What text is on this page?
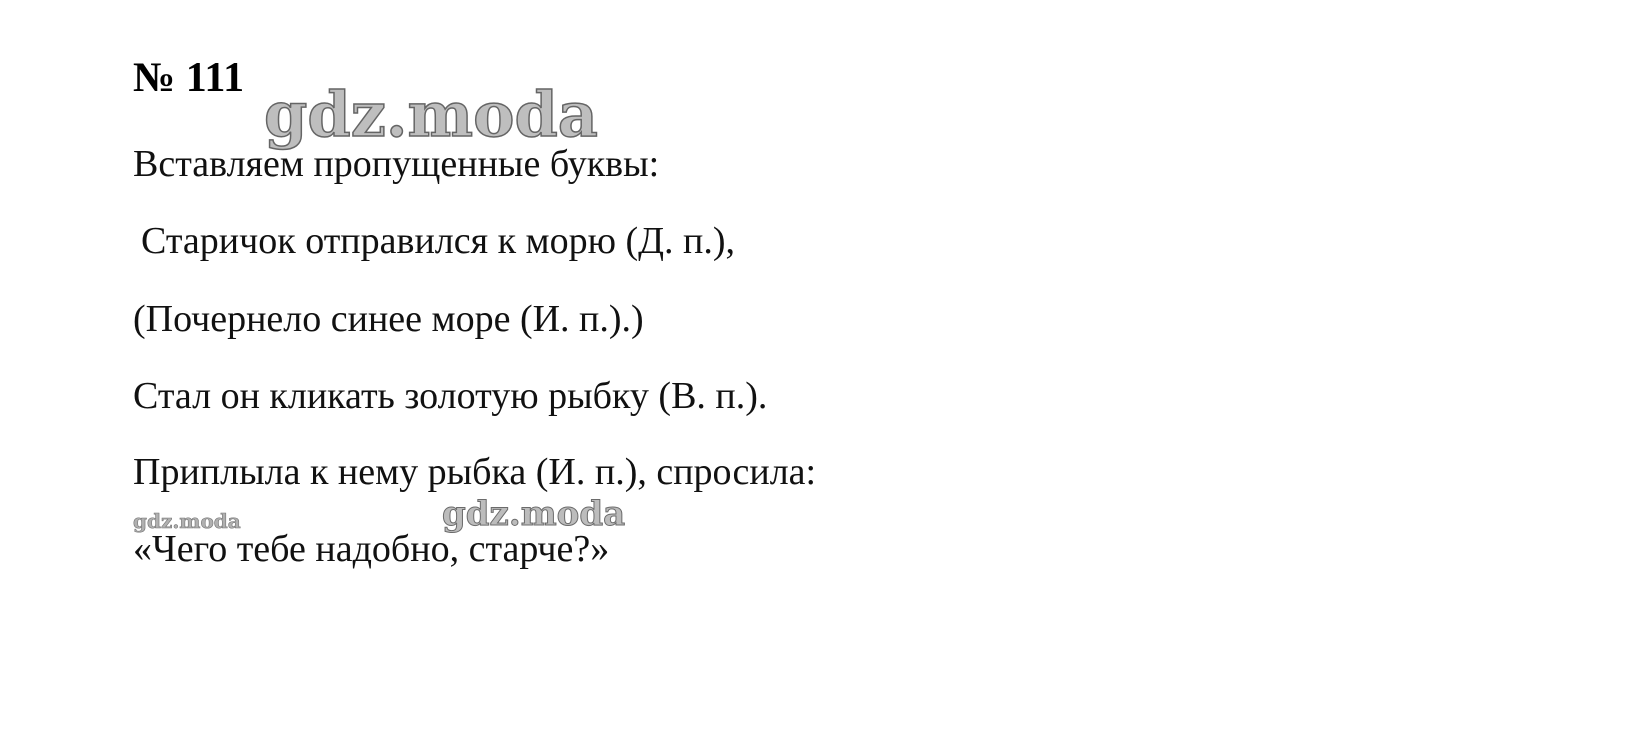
№ 111 gdz.moda
Вставляем пропущенные буквы:
Старичок отправился к морю (Д. п.),
(Почернело синее море (И. п.).)
Стал он кликать золотую рыбку (В. п.).
Приплыла к нему рыбка (И. п.), спросила:
gdz.moda	gdz.moda
«Чего тебе надобно, старче?»
